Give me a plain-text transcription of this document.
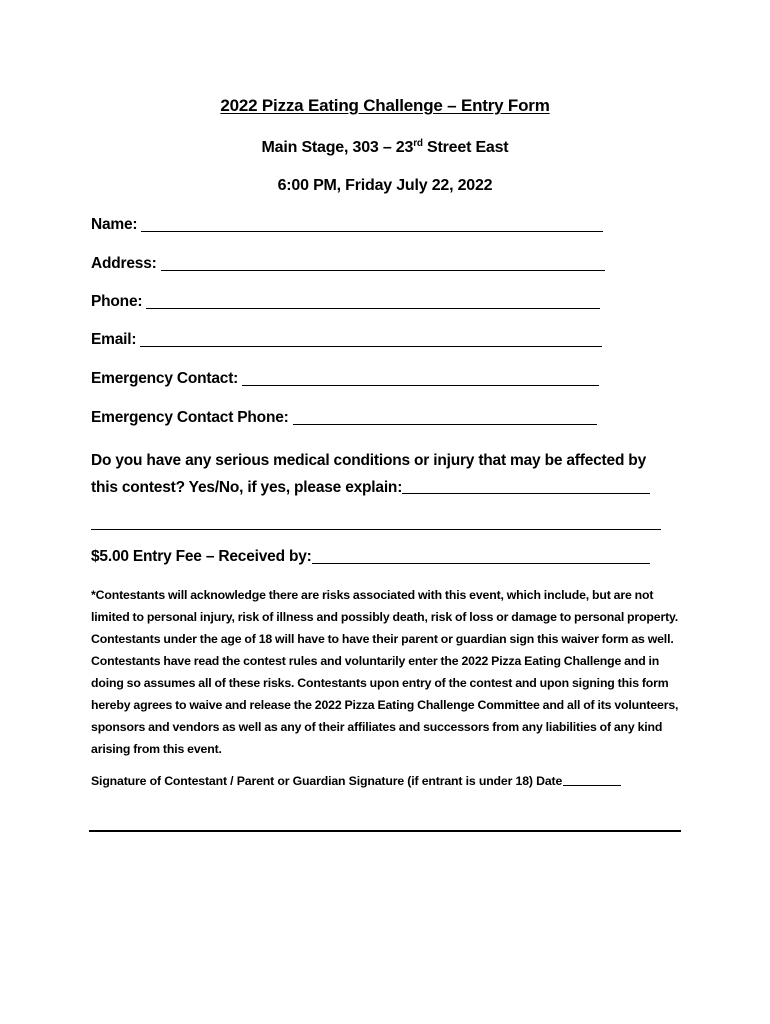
2022 Pizza Eating Challenge – Entry Form
Main Stage, 303 – 23rd Street East
6:00 PM, Friday July 22, 2022
Name:
Address:
Phone:
Email:
Emergency Contact:
Emergency Contact Phone:
Do you have any serious medical conditions or injury that may be affected by this contest? Yes/No, if yes, please explain:
$5.00 Entry Fee – Received by:
*Contestants will acknowledge there are risks associated with this event, which include, but are not limited to personal injury, risk of illness and possibly death, risk of loss or damage to personal property. Contestants under the age of 18 will have to have their parent or guardian sign this waiver form as well. Contestants have read the contest rules and voluntarily enter the 2022 Pizza Eating Challenge and in doing so assumes all of these risks. Contestants upon entry of the contest and upon signing this form hereby agrees to waive and release the 2022 Pizza Eating Challenge Committee and all of its volunteers, sponsors and vendors as well as any of their affiliates and successors from any liabilities of any kind arising from this event.
Signature of Contestant / Parent or Guardian Signature (if entrant is under 18) Date
